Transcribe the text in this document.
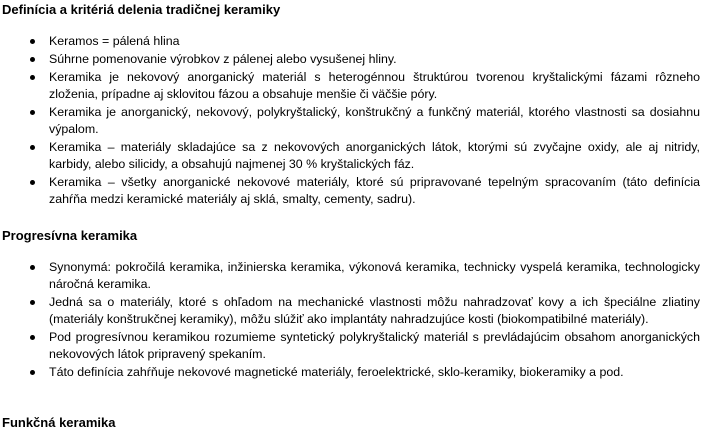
Definícia a kritériá delenia tradičnej keramiky
Keramos = pálená hlina
Súhrne pomenovanie výrobkov z pálenej alebo vysušenej hliny.
Keramika je nekovový anorganický materiál s heterogénnou štruktúrou tvorenou kryštalickými fázami rôzneho zloženia, prípadne aj sklovitou fázou a obsahuje menšie či väčšie póry.
Keramika je anorganický, nekovový, polykryštalický, konštrukčný a funkčný materiál, ktorého vlastnosti sa dosiahnu výpalom.
Keramika – materiály skladajúce sa z nekovových anorganických látok, ktorými sú zvyčajne oxidy, ale aj nitridy, karbidy, alebo silicidy, a obsahujú najmenej 30 % kryštalických fáz.
Keramika – všetky anorganické nekovové materiály, ktoré sú pripravované tepelným spracovaním (táto definícia zahŕňa medzi keramické materiály aj sklá, smalty, cementy, sadru).
Progresívna keramika
Synonymá: pokročilá keramika, inžinierska keramika, výkonová keramika, technicky vyspelá keramika, technologicky náročná keramika.
Jedná sa o materiály, ktoré s ohľadom na mechanické vlastnosti môžu nahradzovať kovy a ich špeciálne zliatiny (materiály konštrukčnej keramiky), môžu slúžiť ako implantáty nahradzujúce kosti (biokompatibilné materiály).
Pod progresívnou keramikou rozumieme syntetický polykryštalický materiál s prevládajúcim obsahom anorganických nekovových látok pripravený spekaním.
Táto definícia zahŕňuje nekovové magnetické materiály, feroelektrické, sklo-keramiky, biokeramiky a pod.
Funkčná keramika
